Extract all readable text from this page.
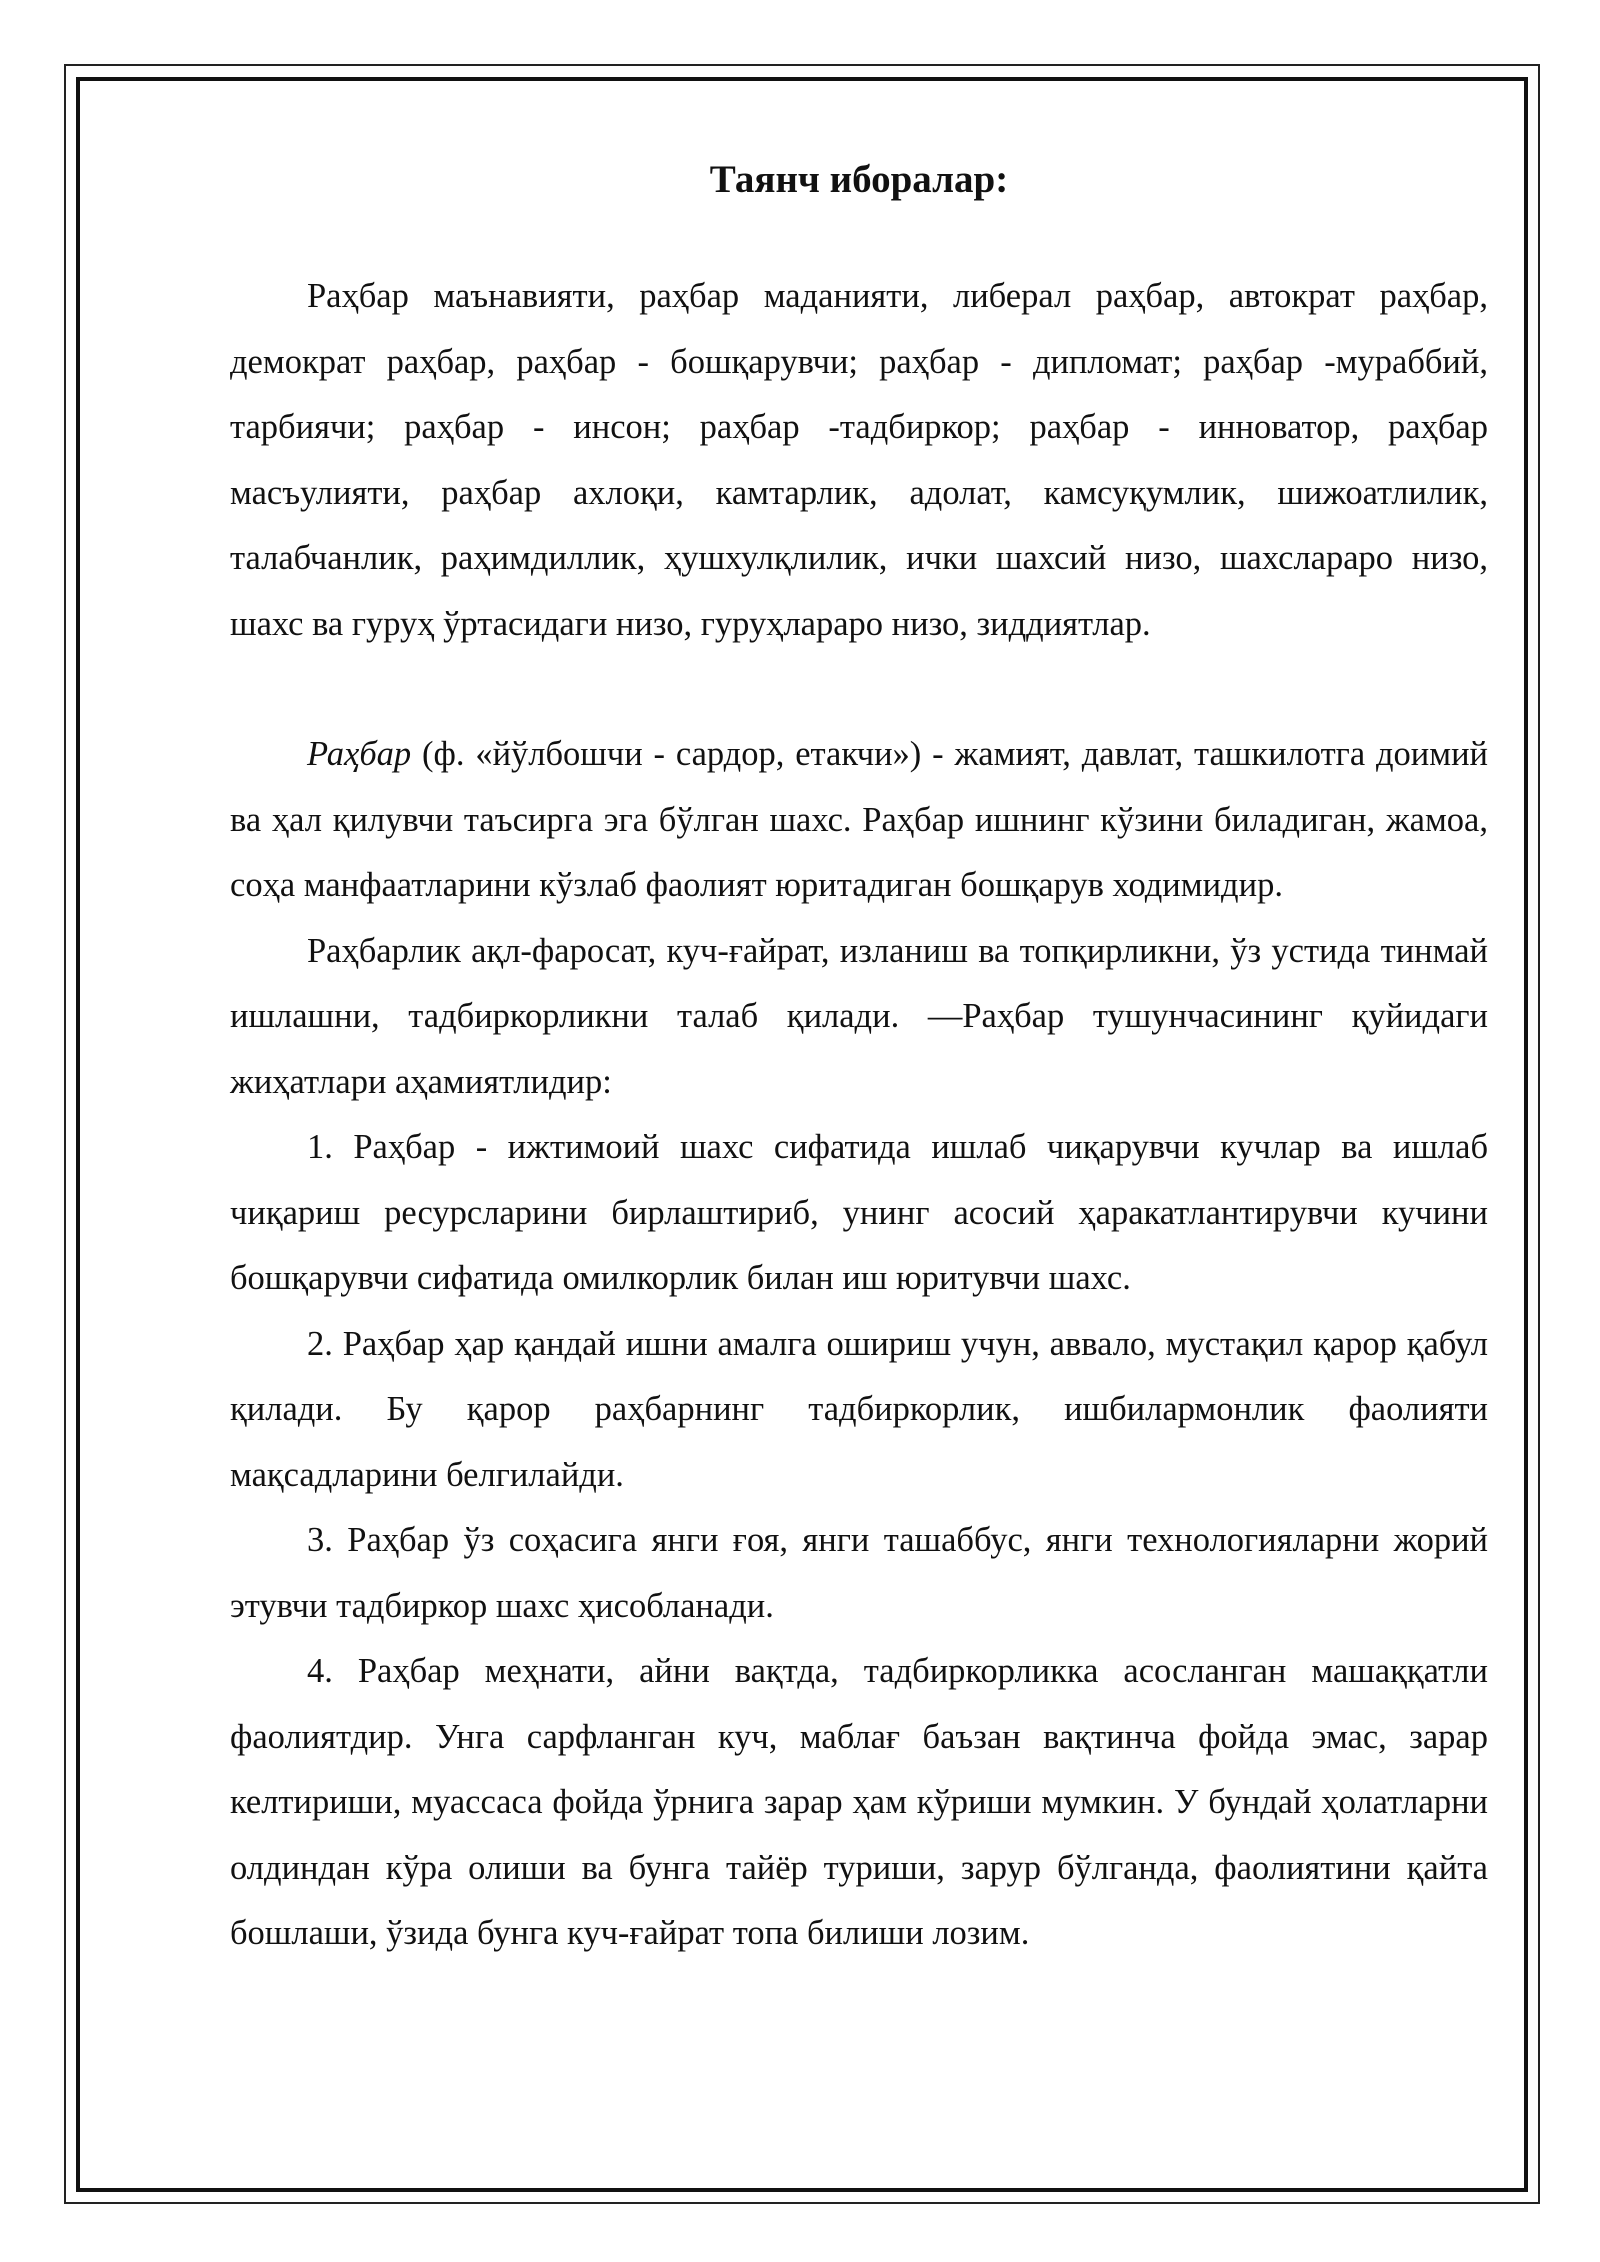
Таянч иборалар:

Раҳбар маънавияти, раҳбар маданияти, либерал раҳбар, автократ раҳбар, демократ раҳбар, раҳбар - бошқарувчи; раҳбар - дипломат; раҳбар -мураббий, тарбиячи; раҳбар - инсон; раҳбар -тадбиркор; раҳбар - инноватор, раҳбар масъулияти, раҳбар ахлоқи, камтарлик, адолат, камсуқумлик, шижоатлилик, талабчанлик, раҳимдиллик, ҳушхулқлилик, ички шахсий низо, шахслараро низо, шахс ва гуруҳ ўртасидаги низо, гуруҳлараро низо, зиддиятлар.

Раҳбар (ф. «йўлбошчи - сардор, етакчи») - жамият, давлат, ташкилотга доимий ва ҳал қилувчи таъсирга эга бўлган шахс. Раҳбар ишнинг кўзини биладиган, жамоа, соҳа манфаатларини кўзлаб фаолият юритадиган бошқарув ходимидир.

Раҳбарлик ақл-фаросат, куч-ғайрат, изланиш ва топқирликни, ўз устида тинмай ишлашни, тадбиркорликни талаб қилади. —Раҳбар тушунчасининг қуйидаги жиҳатлари аҳамиятлидир:

1. Раҳбар - ижтимоий шахс сифатида ишлаб чиқарувчи кучлар ва ишлаб чиқариш ресурсларини бирлаштириб, унинг асосий ҳаракатлантирувчи кучини бошқарувчи сифатида омилкорлик билан иш юритувчи шахс.

2. Раҳбар ҳар қандай ишни амалга ошириш учун, аввало, мустақил қарор қабул қилади. Бу қарор раҳбарнинг тадбиркорлик, ишбилармонлик фаолияти мақсадларини белгилайди.

3. Раҳбар ўз соҳасига янги ғоя, янги ташаббус, янги технологияларни жорий этувчи тадбиркор шахс ҳисобланади.

4. Раҳбар меҳнати, айни вақтда, тадбиркорликка асосланган машаққатли фаолиятдир. Унга сарфланган куч, маблағ баъзан вақтинча фойда эмас, зарар келтириши, муассаса фойда ўрнига зарар ҳам кўриши мумкин. У бундай ҳолатларни олдиндан кўра олиши ва бунга тайёр туриши, зарур бўлганда, фаолиятини қайта бошлаши, ўзида бунга куч-ғайрат топа билиши лозим.
